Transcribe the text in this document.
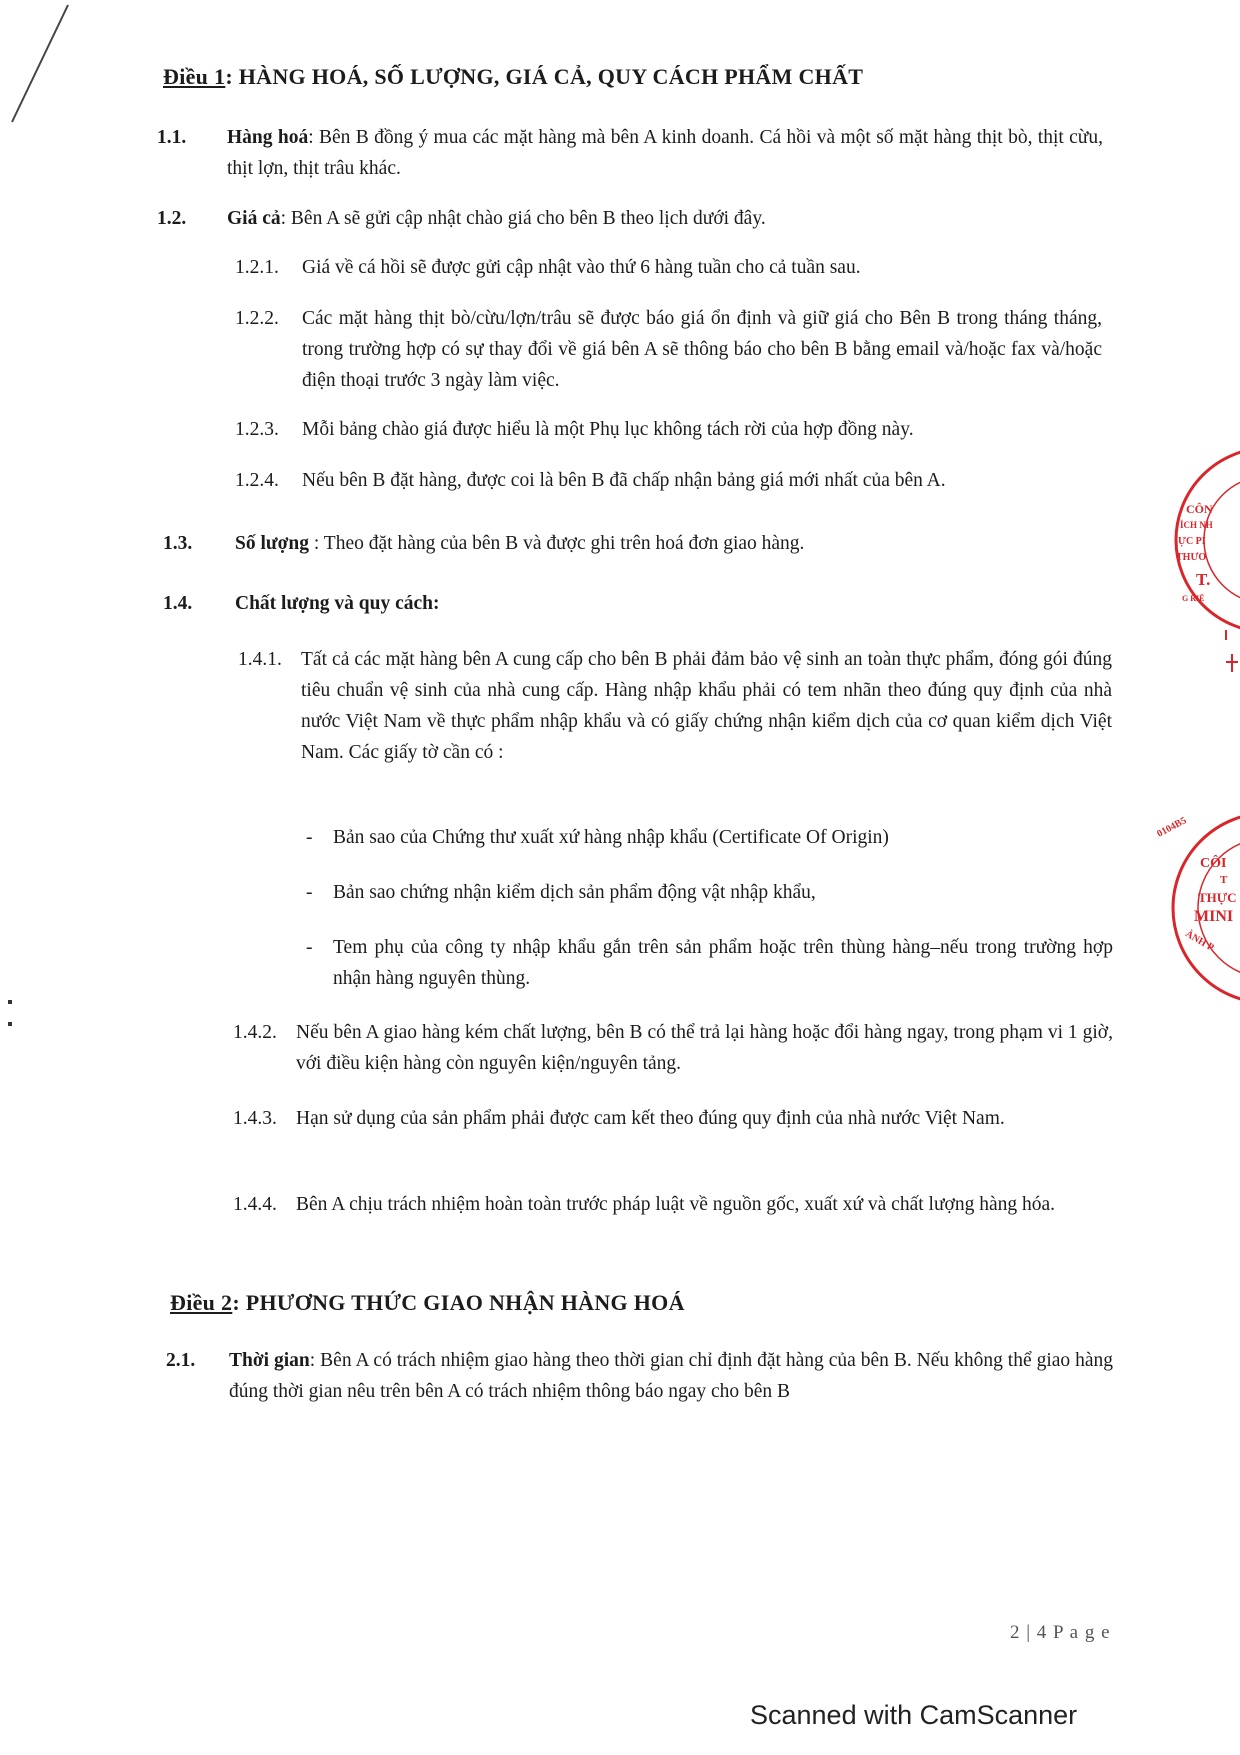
Điều 1: HÀNG HOÁ, SỐ LƯỢNG, GIÁ CẢ, QUY CÁCH PHẨM CHẤT
1.1. Hàng hoá: Bên B đồng ý mua các mặt hàng mà bên A kinh doanh. Cá hồi và một số mặt hàng thịt bò, thịt cừu, thịt lợn, thịt trâu khác.
1.2. Giá cả: Bên A sẽ gửi cập nhật chào giá cho bên B theo lịch dưới đây.
1.2.1. Giá về cá hồi sẽ được gửi cập nhật vào thứ 6 hàng tuần cho cả tuần sau.
1.2.2. Các mặt hàng thịt bò/cừu/lợn/trâu sẽ được báo giá ổn định và giữ giá cho Bên B trong tháng tháng, trong trường hợp có sự thay đổi về giá bên A sẽ thông báo cho bên B bằng email và/hoặc fax và/hoặc điện thoại trước 3 ngày làm việc.
1.2.3. Mỗi bảng chào giá được hiểu là một Phụ lục không tách rời của hợp đồng này.
1.2.4. Nếu bên B đặt hàng, được coi là bên B đã chấp nhận bảng giá mới nhất của bên A.
1.3. Số lượng : Theo đặt hàng của bên B và được ghi trên hoá đơn giao hàng.
1.4. Chất lượng và quy cách:
1.4.1. Tất cả các mặt hàng bên A cung cấp cho bên B phải đảm bảo vệ sinh an toàn thực phẩm, đóng gói đúng tiêu chuẩn vệ sinh của nhà cung cấp. Hàng nhập khẩu phải có tem nhãn theo đúng quy định của nhà nước Việt Nam về thực phẩm nhập khẩu và có giấy chứng nhận kiểm dịch của cơ quan kiểm dịch Việt Nam. Các giấy tờ cần có :
- Bản sao của Chứng thư xuất xứ hàng nhập khẩu (Certificate Of Origin)
- Bản sao chứng nhận kiểm dịch sản phẩm động vật nhập khẩu,
- Tem phụ của công ty nhập khẩu gắn trên sản phẩm hoặc trên thùng hàng–nếu trong trường hợp nhận hàng nguyên thùng.
1.4.2. Nếu bên A giao hàng kém chất lượng, bên B có thể trả lại hàng hoặc đổi hàng ngay, trong phạm vi 1 giờ, với điều kiện hàng còn nguyên kiện/nguyên tảng.
1.4.3. Hạn sử dụng của sản phẩm phải được cam kết theo đúng quy định của nhà nước Việt Nam.
1.4.4. Bên A chịu trách nhiệm hoàn toàn trước pháp luật về nguồn gốc, xuất xứ và chất lượng hàng hóa.
Điều 2: PHƯƠNG THỨC GIAO NHẬN HÀNG HOÁ
2.1. Thời gian: Bên A có trách nhiệm giao hàng theo thời gian chỉ định đặt hàng của bên B. Nếu không thể giao hàng đúng thời gian nêu trên bên A có trách nhiệm thông báo ngay cho bên B
2 | 4 P a g e
Scanned with CamScanner
CÔN
ÍCH NH
ỰC PI
THƯƠ
T.
G RIÊ
0104B5
CÔI
T
THỰC
MINI
ÀNH P.
